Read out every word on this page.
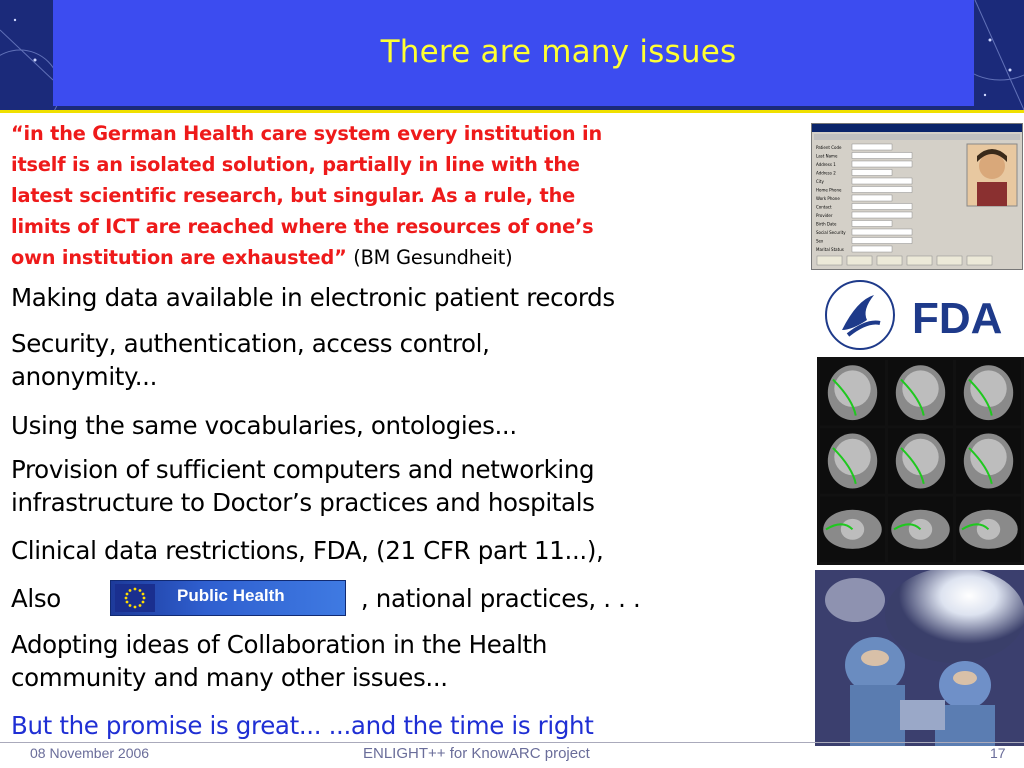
There are many issues
“in the German Health care system every institution in
itself is an isolated solution, partially in line with the
latest scientific research, but singular. As a rule, the
limits of ICT are reached where the resources of one’s
own institution are exhausted” (BM Gesundheit)
Making data available in electronic patient records
Security, authentication, access control,
anonymity...
Using the same vocabularies, ontologies...
Provision of sufficient computers and networking
infrastructure to Doctor’s practices and hospitals
Clinical data restrictions, FDA, (21 CFR part 11...),
Also	, national practices, . . .
Public Health
Adopting ideas of Collaboration in the Health
community and many other issues...
But the promise is great... ...and the time is right
Patient Code
Last Name
Address 1
Address 2
City
Home Phone
Work Phone
Contact
Provider
Birth Date
Social Security
Sex
Marital Status
FDA
08 November 2006	ENLIGHT++ for KnowARC project	17
